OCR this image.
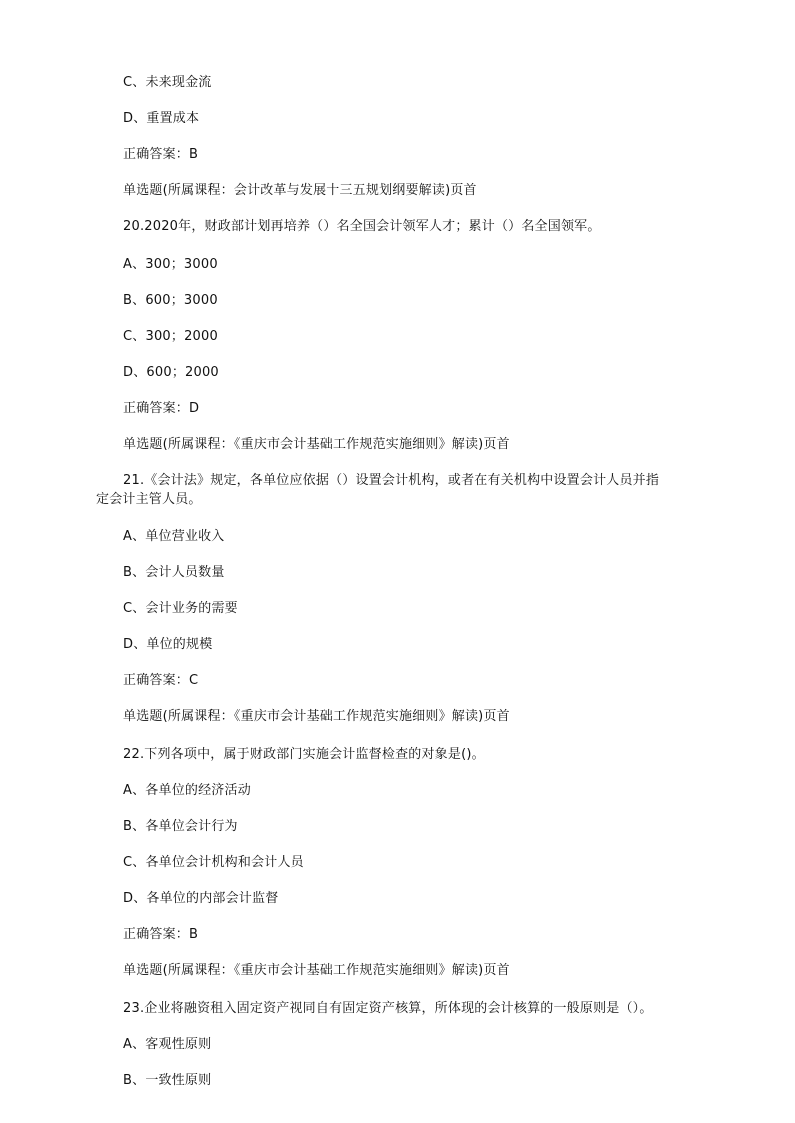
C、未来现金流
D、重置成本
正确答案：B
单选题(所属课程：会计改革与发展十三五规划纲要解读)页首
20.2020年，财政部计划再培养（）名全国会计领军人才；累计（）名全国领军。
A、300；3000
B、600；3000
C、300；2000
D、600；2000
正确答案：D
单选题(所属课程：《重庆市会计基础工作规范实施细则》解读)页首
21.《会计法》规定，各单位应依据（）设置会计机构，或者在有关机构中设置会计人员并指
定会计主管人员。
A、单位营业收入
B、会计人员数量
C、会计业务的需要
D、单位的规模
正确答案：C
单选题(所属课程：《重庆市会计基础工作规范实施细则》解读)页首
22.下列各项中，属于财政部门实施会计监督检查的对象是()。
A、各单位的经济活动
B、各单位会计行为
C、各单位会计机构和会计人员
D、各单位的内部会计监督
正确答案：B
单选题(所属课程：《重庆市会计基础工作规范实施细则》解读)页首
23.企业将融资租入固定资产视同自有固定资产核算，所体现的会计核算的一般原则是（）。
A、客观性原则
B、一致性原则
